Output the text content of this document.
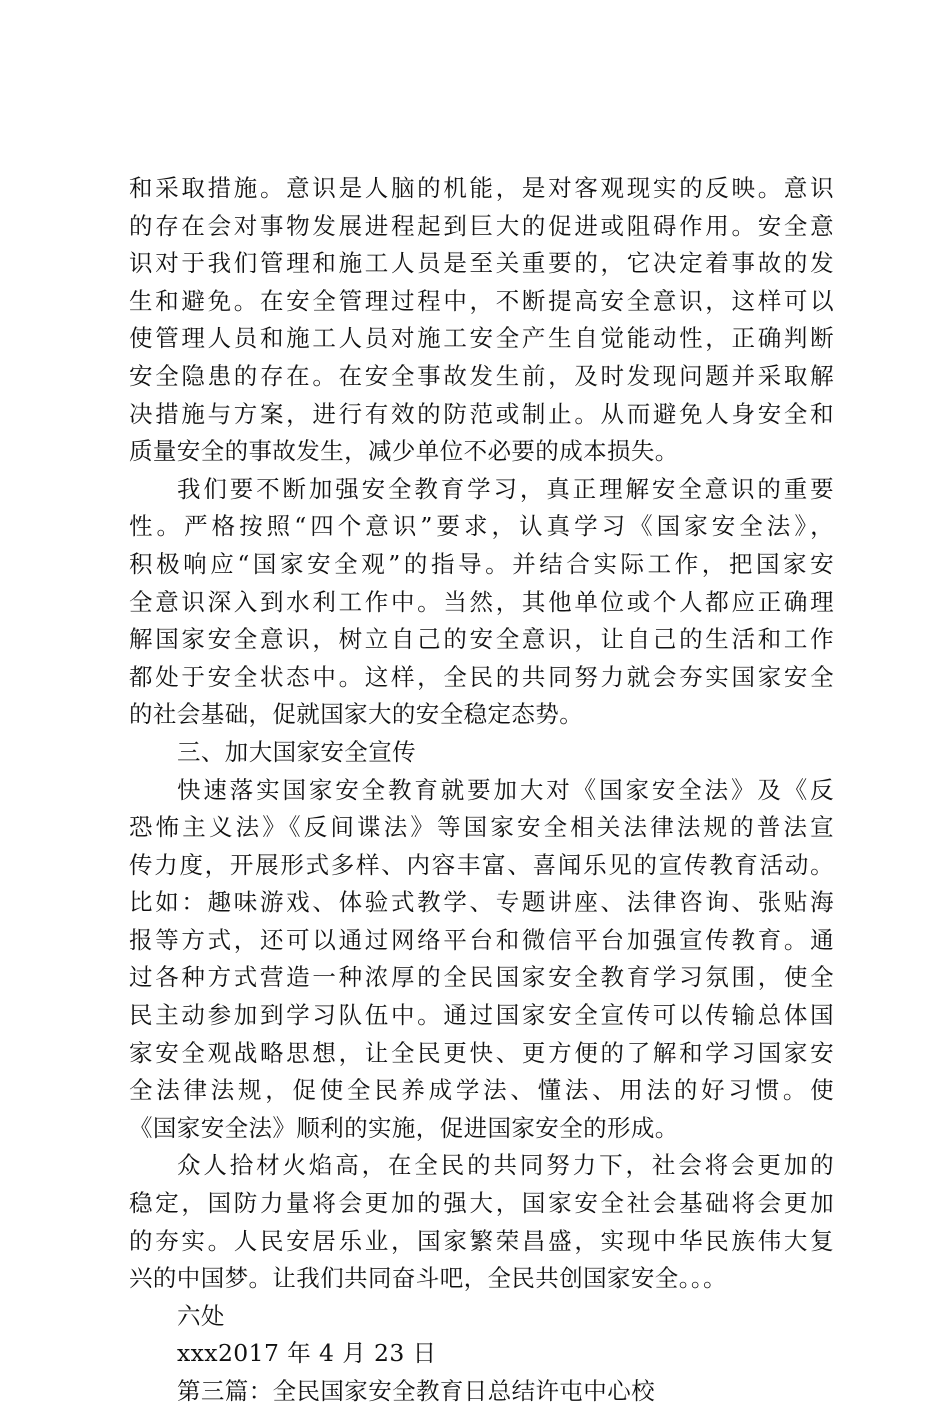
和采取措施。意识是人脑的机能，是对客观现实的反映。意识
的存在会对事物发展进程起到巨大的促进或阻碍作用。安全意
识对于我们管理和施工人员是至关重要的，它决定着事故的发
生和避免。在安全管理过程中，不断提高安全意识，这样可以
使管理人员和施工人员对施工安全产生自觉能动性，正确判断
安全隐患的存在。在安全事故发生前，及时发现问题并采取解
决措施与方案，进行有效的防范或制止。从而避免人身安全和
质量安全的事故发生，减少单位不必要的成本损失。
我们要不断加强安全教育学习，真正理解安全意识的重要
性。严格按照“四个意识”要求，认真学习《国家安全法》，
积极响应“国家安全观”的指导。并结合实际工作，把国家安
全意识深入到水利工作中。当然，其他单位或个人都应正确理
解国家安全意识，树立自己的安全意识，让自己的生活和工作
都处于安全状态中。这样，全民的共同努力就会夯实国家安全
的社会基础，促就国家大的安全稳定态势。
三、加大国家安全宣传
快速落实国家安全教育就要加大对《国家安全法》及《反
恐怖主义法》《反间谍法》等国家安全相关法律法规的普法宣
传力度，开展形式多样、内容丰富、喜闻乐见的宣传教育活动。
比如：趣味游戏、体验式教学、专题讲座、法律咨询、张贴海
报等方式，还可以通过网络平台和微信平台加强宣传教育。通
过各种方式营造一种浓厚的全民国家安全教育学习氛围，使全
民主动参加到学习队伍中。通过国家安全宣传可以传输总体国
家安全观战略思想，让全民更快、更方便的了解和学习国家安
全法律法规，促使全民养成学法、懂法、用法的好习惯。使
《国家安全法》顺利的实施，促进国家安全的形成。
众人拾材火焰高，在全民的共同努力下，社会将会更加的
稳定，国防力量将会更加的强大，国家安全社会基础将会更加
的夯实。人民安居乐业，国家繁荣昌盛，实现中华民族伟大复
兴的中国梦。让我们共同奋斗吧，全民共创国家安全。。。
六处
xxx2017 年 4 月 23 日
第三篇：全民国家安全教育日总结许屯中心校
